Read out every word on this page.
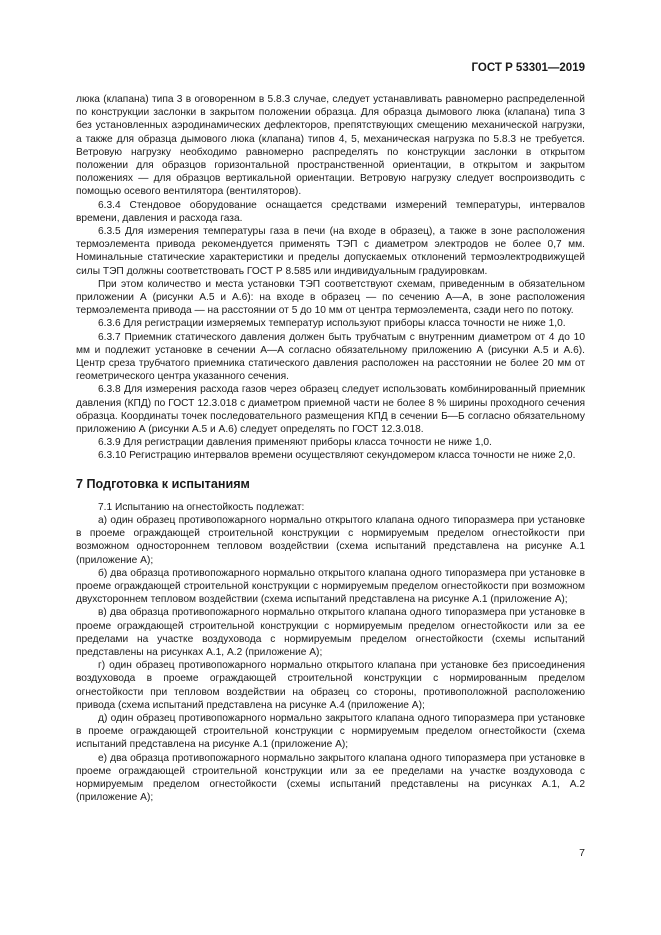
ГОСТ Р 53301—2019

люка (клапана) типа 3 в оговоренном в 5.8.3 случае, следует устанавливать равномерно распределенной по конструкции заслонки в закрытом положении образца. Для образца дымового люка (клапана) типа 3 без установленных аэродинамических дефлекторов, препятствующих смещению механической нагрузки, а также для образца дымового люка (клапана) типов 4, 5, механическая нагрузка по 5.8.3 не требуется. Ветровую нагрузку необходимо равномерно распределять по конструкции заслонки в открытом положении для образцов горизонтальной пространственной ориентации, в открытом и закрытом положениях — для образцов вертикальной ориентации. Ветровую нагрузку следует воспроизводить с помощью осевого вентилятора (вентиляторов).

6.3.4 Стендовое оборудование оснащается средствами измерений температуры, интервалов времени, давления и расхода газа.

6.3.5 Для измерения температуры газа в печи (на входе в образец), а также в зоне расположения термоэлемента привода рекомендуется применять ТЭП с диаметром электродов не более 0,7 мм. Номинальные статические характеристики и пределы допускаемых отклонений термоэлектродвижущей силы ТЭП должны соответствовать ГОСТ Р 8.585 или индивидуальным градуировкам.

При этом количество и места установки ТЭП соответствуют схемам, приведенным в обязательном приложении А (рисунки А.5 и А.6): на входе в образец — по сечению А—А, в зоне расположения термоэлемента привода — на расстоянии от 5 до 10 мм от центра термоэлемента, сзади него по потоку.

6.3.6 Для регистрации измеряемых температур используют приборы класса точности не ниже 1,0.

6.3.7 Приемник статического давления должен быть трубчатым с внутренним диаметром от 4 до 10 мм и подлежит установке в сечении А—А согласно обязательному приложению А (рисунки А.5 и А.6). Центр среза трубчатого приемника статического давления расположен на расстоянии не более 20 мм от геометрического центра указанного сечения.

6.3.8 Для измерения расхода газов через образец следует использовать комбинированный приемник давления (КПД) по ГОСТ 12.3.018 с диаметром приемной части не более 8 % ширины проходного сечения образца. Координаты точек последовательного размещения КПД в сечении Б—Б согласно обязательному приложению А (рисунки А.5 и А.6) следует определять по ГОСТ 12.3.018.

6.3.9 Для регистрации давления применяют приборы класса точности не ниже 1,0.

6.3.10 Регистрацию интервалов времени осуществляют секундомером класса точности не ниже 2,0.

7 Подготовка к испытаниям

7.1 Испытанию на огнестойкость подлежат:

а) один образец противопожарного нормально открытого клапана одного типоразмера при установке в проеме ограждающей строительной конструкции с нормируемым пределом огнестойкости при возможном одностороннем тепловом воздействии (схема испытаний представлена на рисунке А.1 (приложение А);

б) два образца противопожарного нормально открытого клапана одного типоразмера при установке в проеме ограждающей строительной конструкции с нормируемым пределом огнестойкости при возможном двухстороннем тепловом воздействии (схема испытаний представлена на рисунке А.1 (приложение А);

в) два образца противопожарного нормально открытого клапана одного типоразмера при установке в проеме ограждающей строительной конструкции с нормируемым пределом огнестойкости или за ее пределами на участке воздуховода с нормируемым пределом огнестойкости (схемы испытаний представлены на рисунках А.1, А.2 (приложение А);

г) один образец противопожарного нормально открытого клапана при установке без присоединения воздуховода в проеме ограждающей строительной конструкции с нормированным пределом огнестойкости при тепловом воздействии на образец со стороны, противоположной расположению привода (схема испытаний представлена на рисунке А.4 (приложение А);

д) один образец противопожарного нормально закрытого клапана одного типоразмера при установке в проеме ограждающей строительной конструкции с нормируемым пределом огнестойкости (схема испытаний представлена на рисунке А.1 (приложение А);

е) два образца противопожарного нормально закрытого клапана одного типоразмера при установке в проеме ограждающей строительной конструкции или за ее пределами на участке воздуховода с нормируемым пределом огнестойкости (схемы испытаний представлены на рисунках А.1, А.2 (приложение А);

7
